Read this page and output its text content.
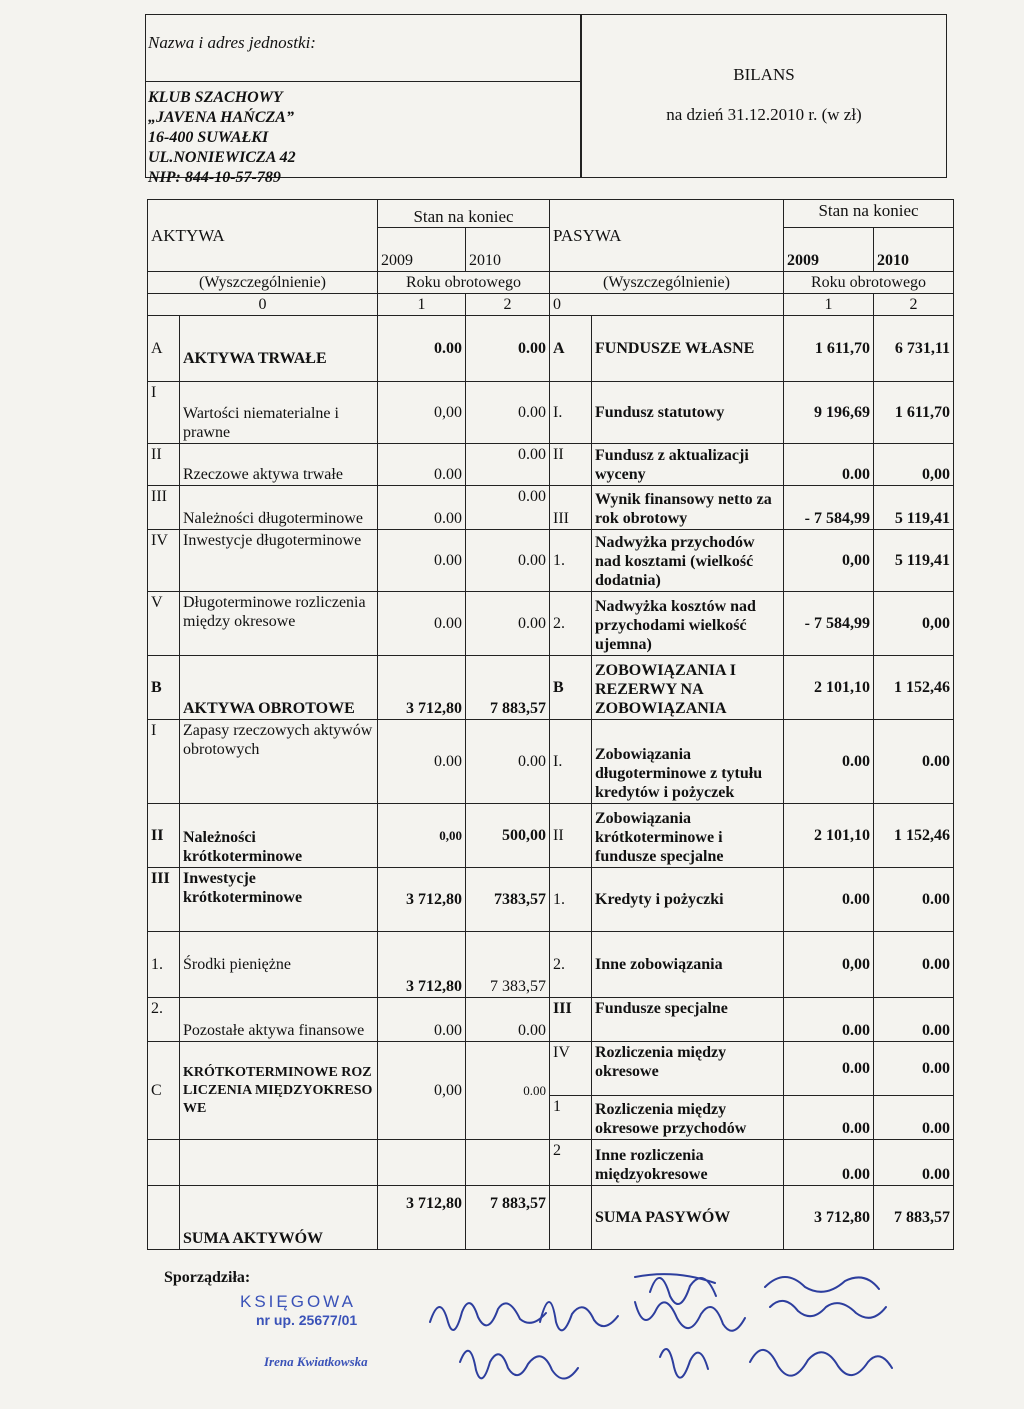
Nazwa i adres jednostki:
KLUB SZACHOWY
„JAVENA HAŃCZA”
16-400 SUWAŁKI
UL.NONIEWICZA 42
NIP: 844-10-57-789
BILANS
na dzień 31.12.2010 r. (w zł)
AKTYWA		Stan na koniec		PASYWA		Stan na koniec	
		2009	2010			2009	2010
(Wyszczególnienie)		Roku obrotowego		(Wyszczególnienie)		Roku obrotowego	
0		1	2	0		1	2
A	AKTYWA TRWAŁE	0.00	0.00	A	FUNDUSZE WŁASNE	1 611,70	6 731,11
I	Wartości niematerialne i prawne	0,00	0.00	I.	Fundusz statutowy	9 196,69	1 611,70
II	Rzeczowe aktywa trwałe	0.00	0.00	II	Fundusz z aktualizacji wyceny	0.00	0,00
III	Należności długoterminowe	0.00	0.00	III	Wynik finansowy netto za rok obrotowy	- 7 584,99	5 119,41
IV	Inwestycje długoterminowe	0.00	0.00	1.	Nadwyżka przychodów nad kosztami (wielkość dodatnia)	0,00	5 119,41
V	Długoterminowe rozliczenia między okresowe	0.00	0.00	2.	Nadwyżka kosztów nad przychodami wielkość ujemna)	- 7 584,99	0,00
B	AKTYWA OBROTOWE	3 712,80	7 883,57	B	ZOBOWIĄZANIA I REZERWY NA ZOBOWIĄZANIA	2 101,10	1 152,46
I	Zapasy rzeczowych aktywów obrotowych	0.00	0.00	I.	Zobowiązania długoterminowe z tytułu kredytów i pożyczek	0.00	0.00
II	Należności krótkoterminowe	0,00	500,00	II	Zobowiązania krótkoterminowe i fundusze specjalne	2 101,10	1 152,46
III	Inwestycje krótkoterminowe	3 712,80	7383,57	1.	Kredyty i pożyczki	0.00	0.00
1.	Środki pieniężne	3 712,80	7 383,57	2.	Inne zobowiązania	0,00	0.00
2.	Pozostałe aktywa finansowe	0.00	0.00	III	Fundusze specjalne	0.00	0.00
C	KRÓTKOTERMINOWE ROZLICZENIA MIĘDZYOKRESOWE	0,00	0.00	IV	Rozliczenia między okresowe	0.00	0.00
				1	Rozliczenia między okresowe przychodów	0.00	0.00
				2	Inne rozliczenia międzyokresowe	0.00	0.00
	SUMA AKTYWÓW	3 712,80	7 883,57		SUMA PASYWÓW	3 712,80	7 883,57
Sporządziła:
KSIĘGOWA
nr up. 25677/01
Irena Kwiatkowska
